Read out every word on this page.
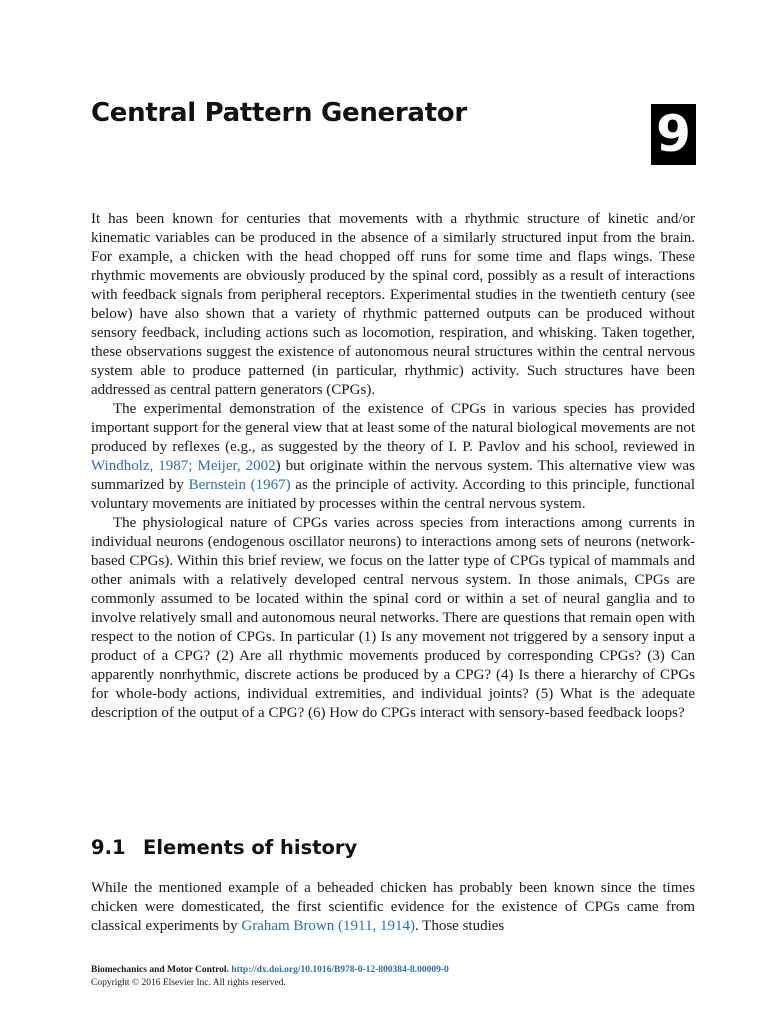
Central Pattern Generator	9

It has been known for centuries that movements with a rhythmic structure of kinetic and/or kinematic variables can be produced in the absence of a similarly structured input from the brain. For example, a chicken with the head chopped off runs for some time and flaps wings. These rhythmic movements are obviously produced by the spinal cord, possibly as a result of interactions with feedback signals from peripheral receptors. Experimental studies in the twentieth century (see below) have also shown that a variety of rhythmic patterned outputs can be produced without sensory feedback, including actions such as locomotion, respiration, and whisking. Taken together, these observations suggest the existence of autonomous neural structures within the central nervous system able to produce patterned (in particular, rhythmic) activity. Such structures have been addressed as central pattern generators (CPGs).

The experimental demonstration of the existence of CPGs in various species has provided important support for the general view that at least some of the natural biological movements are not produced by reflexes (e.g., as suggested by the theory of I. P. Pavlov and his school, reviewed in Windholz, 1987; Meijer, 2002) but originate within the nervous system. This alternative view was summarized by Bernstein (1967) as the principle of activity. According to this principle, functional voluntary movements are initiated by processes within the central nervous system.

The physiological nature of CPGs varies across species from interactions among currents in individual neurons (endogenous oscillator neurons) to interactions among sets of neurons (network-based CPGs). Within this brief review, we focus on the latter type of CPGs typical of mammals and other animals with a relatively developed central nervous system. In those animals, CPGs are commonly assumed to be located within the spinal cord or within a set of neural ganglia and to involve relatively small and autonomous neural networks. There are questions that remain open with respect to the notion of CPGs. In particular (1) Is any movement not triggered by a sensory input a product of a CPG? (2) Are all rhythmic movements produced by corresponding CPGs? (3) Can apparently nonrhythmic, discrete actions be produced by a CPG? (4) Is there a hierarchy of CPGs for whole-body actions, individual extremities, and individual joints? (5) What is the adequate description of the output of a CPG? (6) How do CPGs interact with sensory-based feedback loops?

9.1 Elements of history

While the mentioned example of a beheaded chicken has probably been known since the times chicken were domesticated, the first scientific evidence for the existence of CPGs came from classical experiments by Graham Brown (1911, 1914). Those studies

Biomechanics and Motor Control. http://dx.doi.org/10.1016/B978-0-12-800384-8.00009-0
Copyright © 2016 Elsevier Inc. All rights reserved.
